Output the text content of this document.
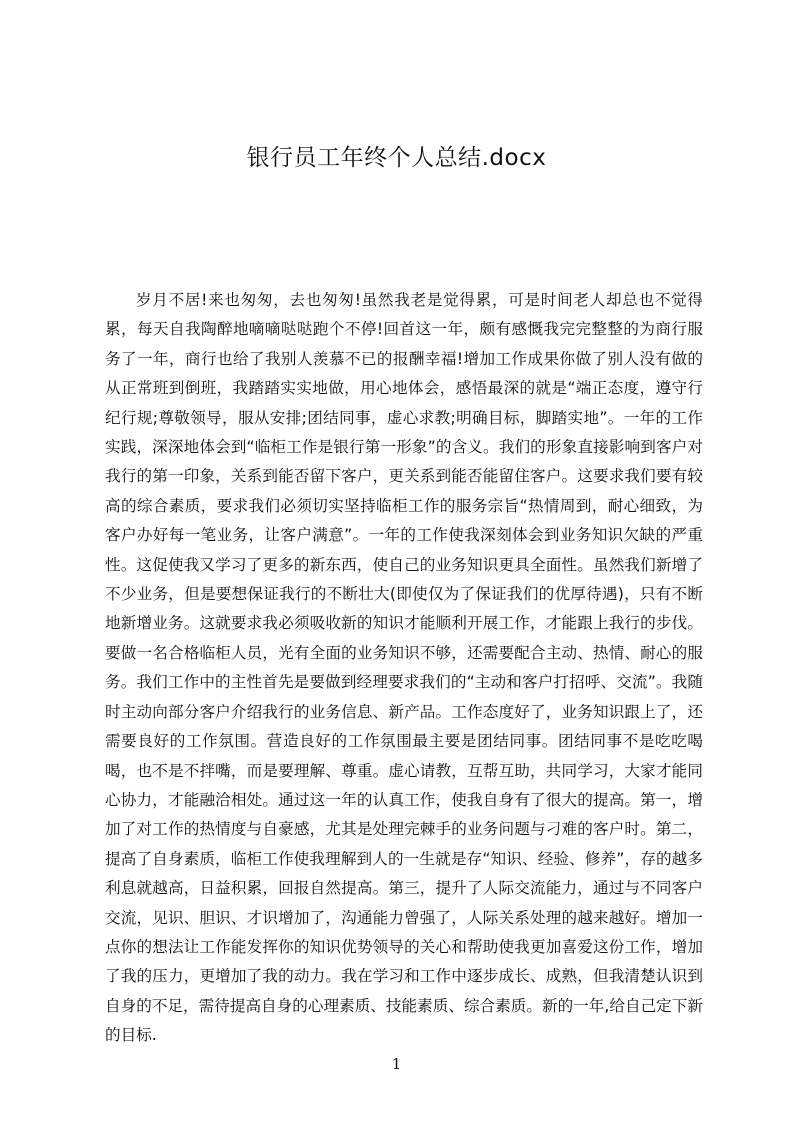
银行员工年终个人总结.docx

岁月不居!来也匆匆，去也匆匆!虽然我老是觉得累，可是时间老人却总也不觉得累，每天自我陶醉地嘀嘀哒哒跑个不停!回首这一年，颇有感慨我完完整整的为商行服务了一年，商行也给了我别人羡慕不已的报酬幸福!增加工作成果你做了别人没有做的从正常班到倒班，我踏踏实实地做，用心地体会，感悟最深的就是“端正态度，遵守行纪行规;尊敬领导，服从安排;团结同事，虚心求教;明确目标，脚踏实地”。一年的工作实践，深深地体会到“临柜工作是银行第一形象”的含义。我们的形象直接影响到客户对我行的第一印象，关系到能否留下客户，更关系到能否能留住客户。这要求我们要有较高的综合素质，要求我们必须切实坚持临柜工作的服务宗旨“热情周到，耐心细致，为客户办好每一笔业务，让客户满意”。一年的工作使我深刻体会到业务知识欠缺的严重性。这促使我又学习了更多的新东西，使自己的业务知识更具全面性。虽然我们新增了不少业务，但是要想保证我行的不断壮大(即使仅为了保证我们的优厚待遇)，只有不断地新增业务。这就要求我必须吸收新的知识才能顺利开展工作，才能跟上我行的步伐。要做一名合格临柜人员，光有全面的业务知识不够，还需要配合主动、热情、耐心的服务。我们工作中的主性首先是要做到经理要求我们的“主动和客户打招呼、交流”。我随时主动向部分客户介绍我行的业务信息、新产品。工作态度好了，业务知识跟上了，还需要良好的工作氛围。营造良好的工作氛围最主要是团结同事。团结同事不是吃吃喝喝，也不是不拌嘴，而是要理解、尊重。虚心请教，互帮互助，共同学习，大家才能同心协力，才能融洽相处。通过这一年的认真工作，使我自身有了很大的提高。第一，增加了对工作的热情度与自豪感，尤其是处理完棘手的业务问题与刁难的客户时。第二，提高了自身素质，临柜工作使我理解到人的一生就是存“知识、经验、修养”，存的越多利息就越高，日益积累，回报自然提高。第三，提升了人际交流能力，通过与不同客户交流，见识、胆识、才识增加了，沟通能力曾强了，人际关系处理的越来越好。增加一点你的想法让工作能发挥你的知识优势领导的关心和帮助使我更加喜爱这份工作，增加了我的压力，更增加了我的动力。我在学习和工作中逐步成长、成熟，但我清楚认识到自身的不足，需待提高自身的心理素质、技能素质、综合素质。新的一年,给自己定下新的目标.

1
